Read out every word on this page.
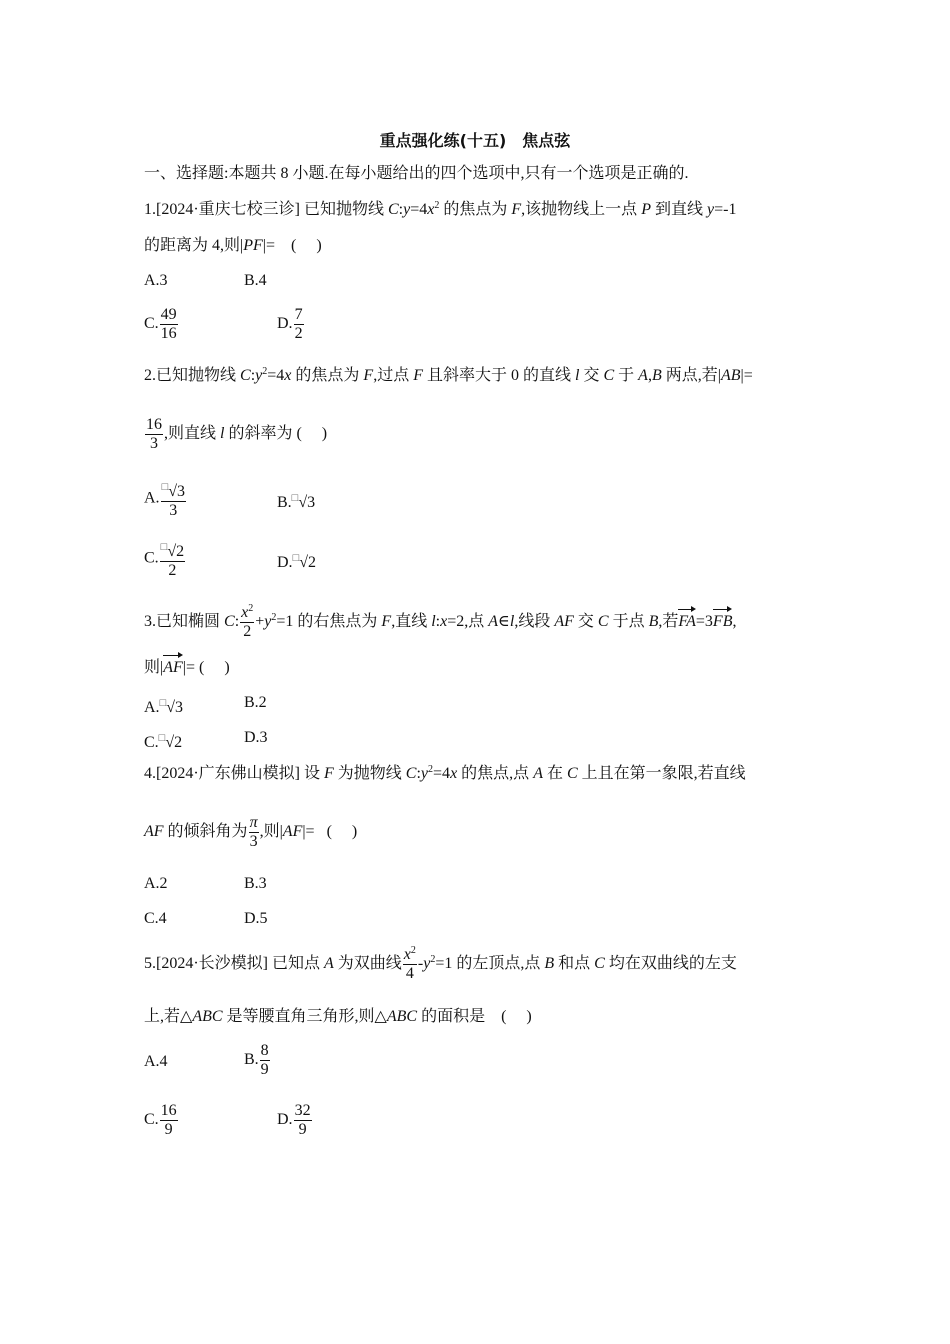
重点强化练(十五)　焦点弦
一、选择题:本题共 8 小题.在每小题给出的四个选项中,只有一个选项是正确的.
1.[2024·重庆七校三诊] 已知抛物线 $C:y=4x^2$ 的焦点为 F,该抛物线上一点 P 到直线 y=-1
的距离为 4,则|PF|=    (     )
A.3	B.4
C. $\frac{49}{16}$	D. $\frac{7}{2}$
2.已知抛物线 $C:y^2=4x$ 的焦点为 F,过点 F 且斜率大于 0 的直线 l 交 C 于 A,B 两点,若|AB|=
$\frac{16}{3}$ ,则直线 l 的斜率为 (     )
A. $\frac{^□√3}{3}$	B.□√3
C. $\frac{^□√2}{2}$	D.□√2
3.已知椭圆 C: $\frac{x^2}{2} +y^2=1$ 的右焦点为 F,直线 l:x=2,点 A∈l,线段 AF 交 C 于点 B,若FA=3FB,
则|AF|= (     )
A.□√3	B.2
C.□√2	D.3
4.[2024·广东佛山模拟] 设 F 为抛物线 $C:y^2=4x$ 的焦点,点 A 在 C 上且在第一象限,若直线
AF 的倾斜角为 $\frac{\pi}{3}$ ,则|AF|=   (     )
A.2	B.3
C.4	D.5
5.[2024·长沙模拟] 已知点 A 为双曲线 $\frac{x^2}{4} -y^2=1$ 的左顶点,点 B 和点 C 均在双曲线的左支
上,若△ABC 是等腰直角三角形,则△ABC 的面积是    (     )
A.4	B. $\frac{8}{9}$
C. $\frac{16}{9}$	D. $\frac{32}{9}$
